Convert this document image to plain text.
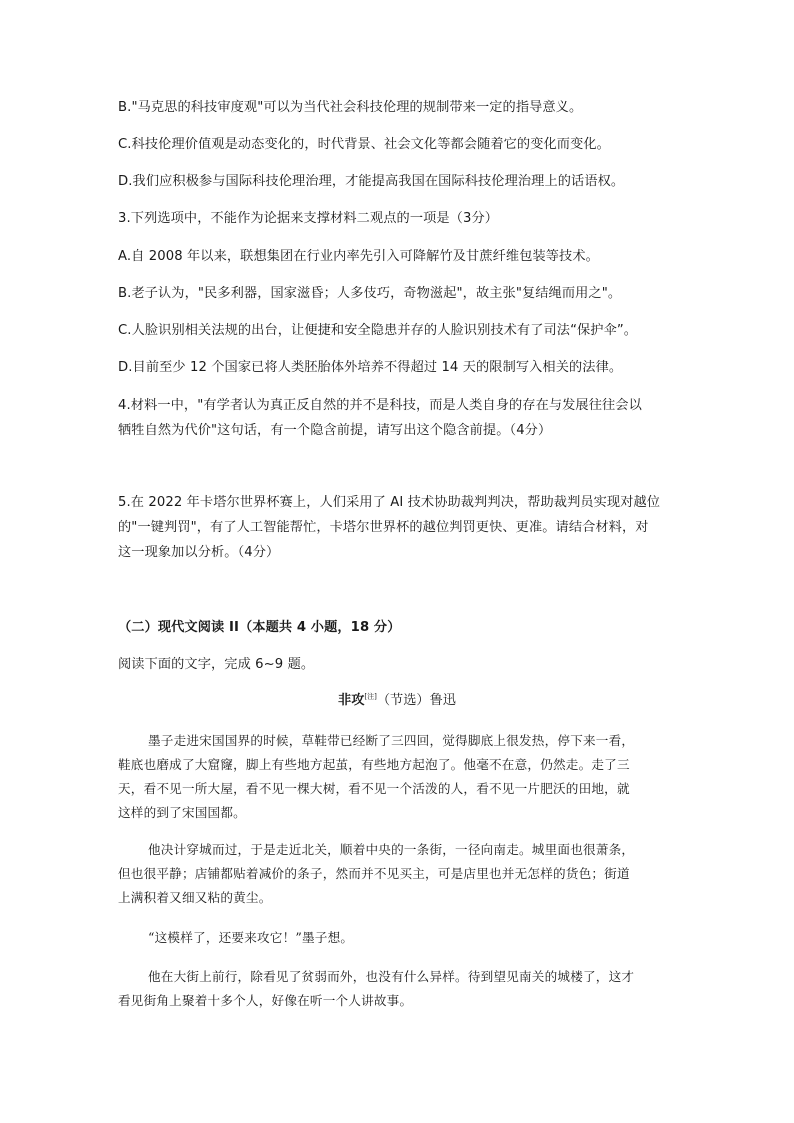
B."马克思的科技审度观"可以为当代社会科技伦理的规制带来一定的指导意义。
C.科技伦理价值观是动态变化的，时代背景、社会文化等都会随着它的变化而变化。
D.我们应积极参与国际科技伦理治理，才能提高我国在国际科技伦理治理上的话语权。
3.下列选项中，不能作为论据来支撑材料二观点的一项是（3分）
A.自 2008 年以来，联想集团在行业内率先引入可降解竹及甘蔗纤维包装等技术。
B.老子认为，"民多利器，国家滋昏；人多伎巧，奇物滋起"，故主张"复结绳而用之"。
C.人脸识别相关法规的出台，让便捷和安全隐患并存的人脸识别技术有了司法“保护伞”。
D.目前至少 12 个国家已将人类胚胎体外培养不得超过 14 天的限制写入相关的法律。
4.材料一中，"有学者认为真正反自然的并不是科技，而是人类自身的存在与发展往往会以
牺牲自然为代价"这句话，有一个隐含前提，请写出这个隐含前提。（4分）
5.在 2022 年卡塔尔世界杯赛上，人们采用了 AI 技术协助裁判判决，帮助裁判员实现对越位
的"一键判罚"，有了人工智能帮忙，卡塔尔世界杯的越位判罚更快、更准。请结合材料，对
这一现象加以分析。（4分）
（二）现代文阅读 II（本题共 4 小题，18 分）
阅读下面的文字，完成 6~9 题。
非攻[注]（节选）鲁迅
墨子走进宋国国界的时候，草鞋带已经断了三四回，觉得脚底上很发热，停下来一看，
鞋底也磨成了大窟窿，脚上有些地方起茧，有些地方起泡了。他毫不在意，仍然走。走了三
天，看不见一所大屋，看不见一棵大树，看不见一个活泼的人，看不见一片肥沃的田地，就
这样的到了宋国国都。
他决计穿城而过，于是走近北关，顺着中央的一条街，一径向南走。城里面也很萧条，
但也很平静；店铺都贴着减价的条子，然而并不见买主，可是店里也并无怎样的货色；街道
上满积着又细又粘的黄尘。
“这模样了，还要来攻它！”墨子想。
他在大街上前行，除看见了贫弱而外，也没有什么异样。待到望见南关的城楼了，这才
看见街角上聚着十多个人，好像在听一个人讲故事。
